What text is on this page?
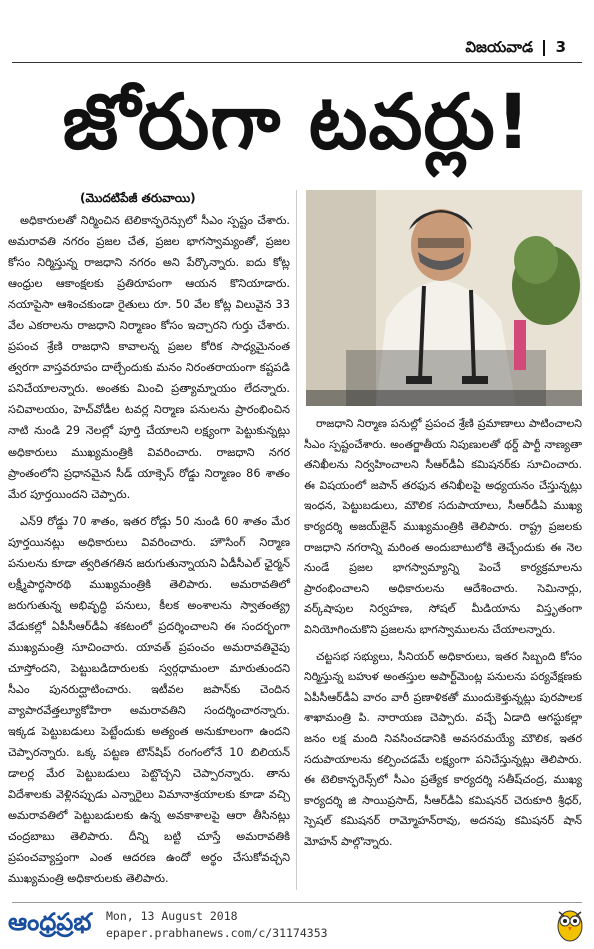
విజయవాడ 3
జోరుగా టవర్లు!
(మొదటిపేజీ తరువాయి)

అధికారులతో నిర్మించిన టెలికాన్ఫరెన్సులో సీఎం స్పష్టం చేశారు. అమరావతి నగరం ప్రజల చేత, ప్రజల భాగస్వామ్యంతో, ప్రజల కోసం నిర్మిస్తున్న రాజధాని నగరం అని పేర్కొన్నారు. ఐదు కోట్ల ఆంధ్రుల ఆకాంక్షలకు ప్రతిరూపంగా ఆయన కొనియాడారు. నయాపైసా ఆశించకుండా రైతులు రూ. 50 వేల కోట్ల విలువైన 33 వేల ఎకరాలను రాజధాని నిర్మాణం కోసం ఇచ్చారని గుర్తు చేశారు. ప్రపంచ శ్రేణి రాజధాని కావాలన్న ప్రజల కోరిక సాధ్యమైనంత త్వరగా వాస్తవరూపం దాల్చేందుకు మనం నిరంతరాయంగా కష్టపడి పనిచేయాలన్నారు. అంతకు మించి ప్రత్యామ్నాయం లేదన్నారు. సచివాలయం, హెచ్‌వోడీల టవర్ల నిర్మాణ పనులను ప్రారంభించిన నాటి నుండి 29 నెలల్లో పూర్తి చేయాలని లక్ష్యంగా పెట్టుకున్నట్లు అధికారులు ముఖ్యమంత్రికి వివరించారు. రాజధాని నగర ప్రాంతంలోని ప్రధానమైన సీడ్‌ యాక్సెస్‌ రోడ్డు నిర్మాణం 86 శాతం మేర పూర్తయిందని చెప్పారు.

ఎన్‌9 రోడ్డు 70 శాతం, ఇతర రోడ్లు 50 నుండి 60 శాతం మేర పూర్తయినట్లు అధికారులు వివరించారు. హౌసింగ్‌ నిర్మాణ పనులను కూడా త్వరితగతిన జరుగుతున్నాయని ఏడీసీఎల్‌ ఛైర్మన్‌ లక్ష్మీపార్థసారథి ముఖ్యమంత్రికి తెలిపారు. అమరావతిలో జరుగుతున్న అభివృద్ధి పనులు, కీలక అంశాలను స్వాతంత్య్ర వేడుకల్లో ఏపీసీఆర్‌డీఏ శకటంలో ప్రదర్శించాలని ఈ సందర్భంగా ముఖ్యమంత్రి సూచించారు. యావత్‌ ప్రపంచం అమరావతివైపు చూస్తోందని, పెట్టుబడిదారులకు స్వర్గధామంలా మారుతుందని సీఎం పునరుద్ఘాటించారు. ఇటీవల జపాన్‌కు చెందిన వ్యాపారవేత్తల్యూకోహిరా అమరావతిని సందర్శించారన్నారు. ఇక్కడ పెట్టుబడులు పెట్టేందుకు అత్యంత అనుకూలంగా ఉందని చెప్పారన్నారు. ఒక్క పట్టణ టౌన్‌షిప్‌ రంగంలోనే 10 బిలియన్‌ డాలర్ల మేర పెట్టుబడులు పెట్టొచ్చని చెప్పారన్నారు. తాను విదేశాలకు వెళ్లినప్పుడు ఎన్నారైలు విమానాశ్రయాలకు కూడా వచ్చి అమరావతిలో పెట్టుబడులకు ఉన్న అవకాశాలపై ఆరా తీసినట్లు చంద్రబాబు తెలిపారు. దీన్ని బట్టి చూస్తే అమరావతికి ప్రపంచవ్యాప్తంగా ఎంత ఆదరణ ఉందో అర్థం చేసుకోవచ్చని ముఖ్యమంత్రి అధికారులకు తెలిపారు.

రాజధాని నిర్మాణ పనుల్లో ప్రపంచ శ్రేణి ప్రమాణాలు పాటించాలని సీఎం స్పష్టంచేశారు. అంతర్జాతీయ నిపుణులతో థర్డ్‌ పార్టీ నాణ్యతా తనిఖీలను నిర్వహించాలని సీఆర్‌డీఏ కమిషనర్‌కు సూచించారు. ఈ విషయంలో జపాన్‌ తరఫున తనిఖీలపై అధ్యయనం చేస్తున్నట్లు ఇంధన, పెట్టుబడులు, మౌలిక సదుపాయాలు, సీఆర్‌డీఏ ముఖ్య కార్యదర్శి అజయ్‌జైన్‌ ముఖ్యమంత్రికి తెలిపారు. రాష్ట్ర ప్రజలకు రాజధాని నగరాన్ని మరింత అందుబాటులోకి తెచ్చేందుకు ఈ నెల నుండే ప్రజల భాగస్వామ్యాన్ని పెంచే కార్యక్రమాలను ప్రారంభించాలని అధికారులను ఆదేశించారు. సెమినార్లు, వర్క్‌షాపుల నిర్వహణ, సోషల్‌ మీడియాను విస్తృతంగా వినియోగించుకొని ప్రజలను భాగస్వాములను చేయాలన్నారు.

చట్టసభ సభ్యులు, సీనియర్‌ అధికారులు, ఇతర సిబ్బంది కోసం నిర్మిస్తున్న బహుళ అంతస్తుల అపార్ట్‌మెంట్ల పనులను పర్యవేక్షణకు ఏపీసీఆర్‌డీఏ వారం వారీ ప్రణాళికతో ముందుకెళ్తున్నట్లు పురపాలక శాఖామంత్రి పి. నారాయణ చెప్పారు. వచ్చే ఏడాది ఆగస్టుకల్లా జనం లక్ష మంది నివసించడానికి అవసరమయ్యే మౌలిక, ఇతర సదుపాయాలను కల్పించడమే లక్ష్యంగా పనిచేస్తున్నట్లు తెలిపారు. ఈ టెలికాన్ఫరెన్స్‌లో సీఎం ప్రత్యేక కార్యదర్శి సతీష్‌చంద్ర, ముఖ్య కార్యదర్శి జి సాయిప్రసాద్‌, సీఆర్‌డీఏ కమిషనర్‌ చెరుకూరి శ్రీధర్‌, స్పెషల్‌ కమిషనర్‌ రామ్మోహన్‌రావు, అదనపు కమిషనర్‌ షాన్‌ మోహన్‌ పాల్గొన్నారు.

ఆంధ్రప్రభ Mon, 13 August 2018
epaper.prabhanews.com/c/31174353
